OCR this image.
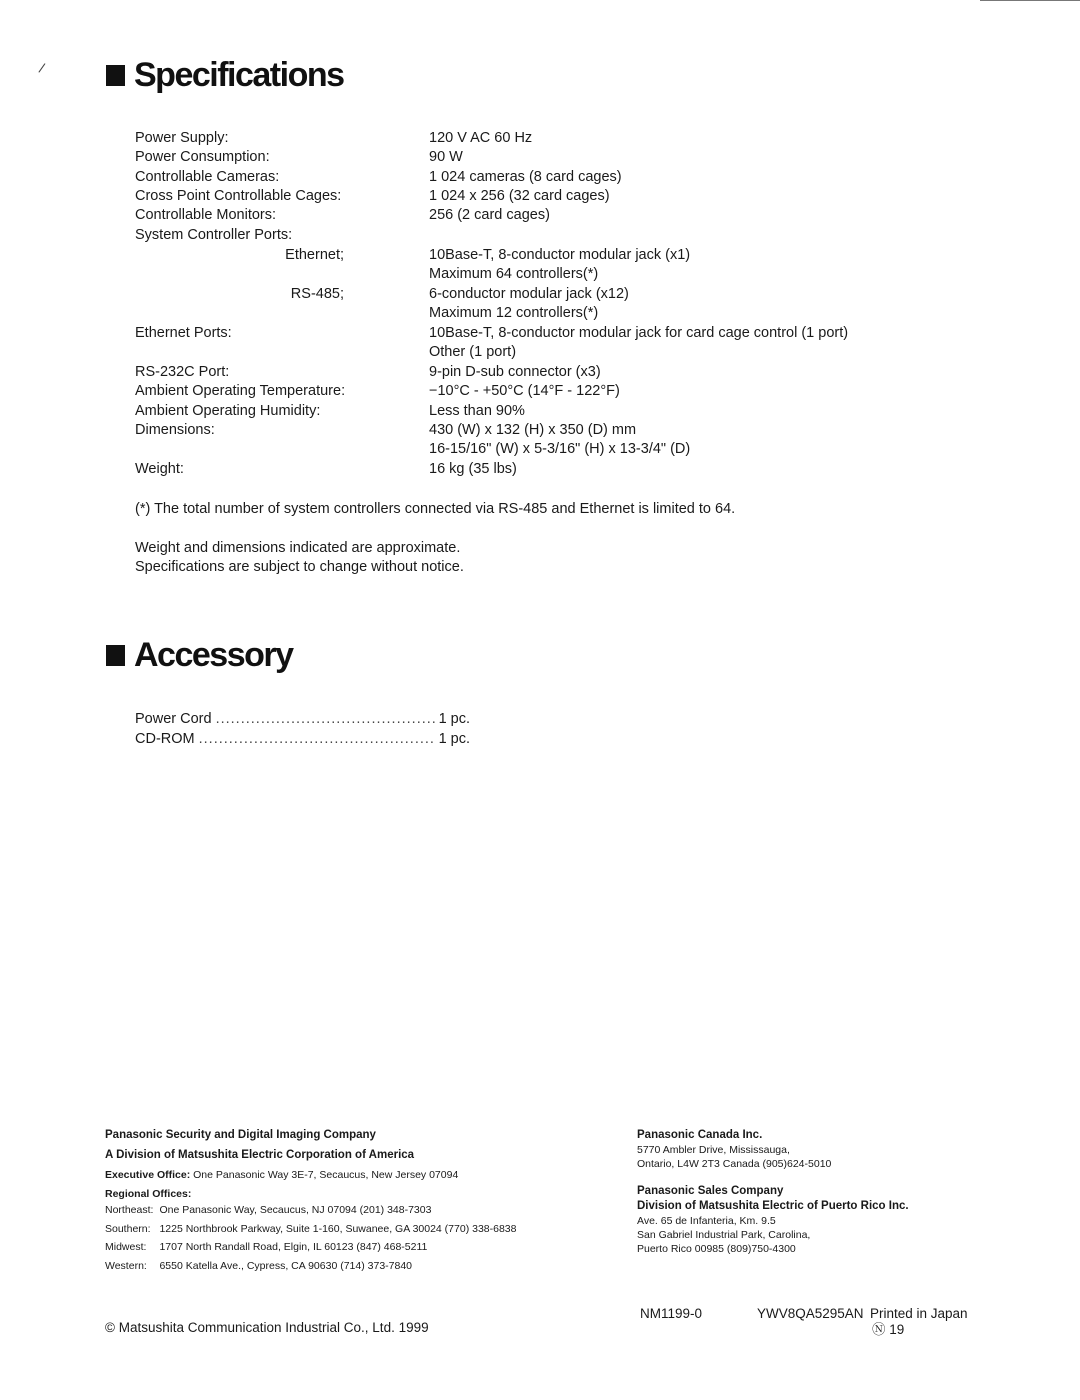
/	Specifications
Power Supply:	120 V AC 60 Hz
Power Consumption:	90 W
Controllable Cameras:	1 024 cameras (8 card cages)
Cross Point Controllable Cages:	1 024 x 256 (32 card cages)
Controllable Monitors:	256 (2 card cages)
System Controller Ports:
Ethernet;	10Base-T, 8-conductor modular jack (x1)
Maximum 64 controllers(*)
RS-485;	6-conductor modular jack (x12)
Maximum 12 controllers(*)
Ethernet Ports:	10Base-T, 8-conductor modular jack for card cage control (1 port)
Other (1 port)
RS-232C Port:	9-pin D-sub connector (x3)
Ambient Operating Temperature:	−10°C - +50°C (14°F - 122°F)
Ambient Operating Humidity:	Less than 90%
Dimensions:	430 (W) x 132 (H) x 350 (D) mm
16-15/16" (W) x 5-3/16" (H) x 13-3/4" (D)
Weight:	16 kg (35 lbs)
(*) The total number of system controllers connected via RS-485 and Ethernet is limited to 64.
Weight and dimensions indicated are approximate.
Specifications are subject to change without notice.
Accessory
Power Cord .....	1 pc.
CD-ROM .....	1 pc.
Panasonic Security and Digital Imaging Company
A Division of Matsushita Electric Corporation of America
Executive Office: One Panasonic Way 3E-7, Secaucus, New Jersey 07094
Regional Offices:
Northeast:	One Panasonic Way, Secaucus, NJ 07094 (201) 348-7303
Southern:	1225 Northbrook Parkway, Suite 1-160, Suwanee, GA 30024 (770) 338-6838
Midwest:	1707 North Randall Road, Elgin, IL 60123 (847) 468-5211
Western:	6550 Katella Ave., Cypress, CA 90630 (714) 373-7840
Panasonic Canada Inc.
5770 Ambler Drive, Mississauga,
Ontario, L4W 2T3 Canada (905)624-5010
Panasonic Sales Company
Division of Matsushita Electric of Puerto Rico Inc.
Ave. 65 de Infanteria, Km. 9.5
San Gabriel Industrial Park, Carolina,
Puerto Rico 00985 (809)750-4300
© Matsushita Communication Industrial Co., Ltd. 1999
NM1199-0	YWV8QA5295AN Printed in Japan
Ⓝ 19
